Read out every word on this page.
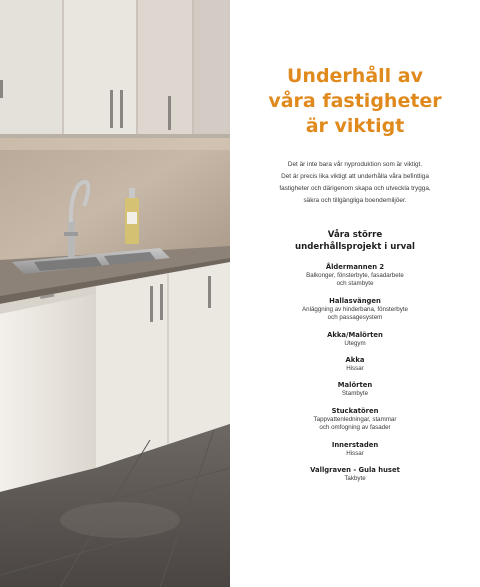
Underhåll av
våra fastigheter
är viktigt

Det är inte bara vår nyproduktion som är viktigt.
Det är precis lika viktigt att underhålla våra befintliga
fastigheter och därigenom skapa och utveckla trygga,
säkra och tillgängliga boendemiljöer.

Våra större
underhållsprojekt i urval
Åldermannen 2
Balkonger, fönsterbyte, fasadarbete
och stambyte
Hallasvängen
Anläggning av hinderbana, fönsterbyte
och passagesystem
Akka/Malörten
Utegym
Akka
Hissar
Malörten
Stambyte
Stuckatören
Tappvattenledningar, stammar
och omfogning av fasader
Innerstaden
Hissar
Vallgraven - Gula huset
Takbyte
